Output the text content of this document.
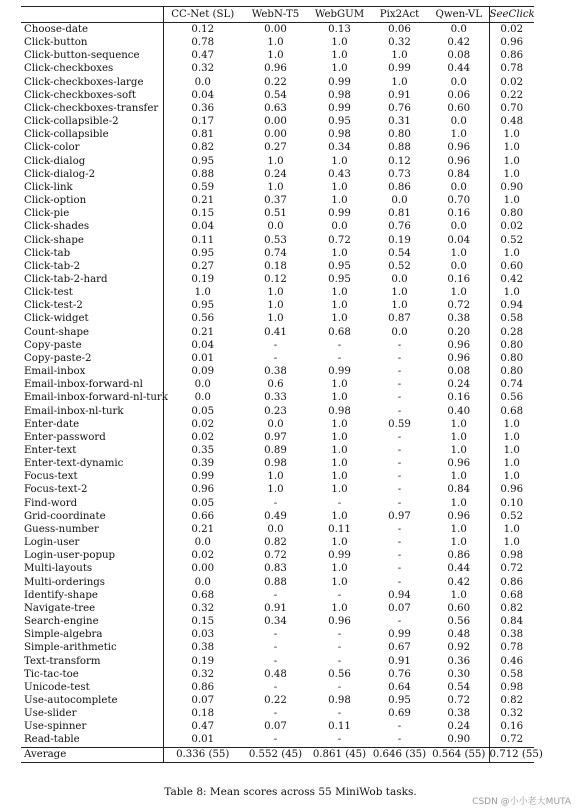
	CC-Net (SL)	WebN-T5	WebGUM	Pix2Act	Qwen-VL	SeeClick
Choose-date	0.12	0.00	0.13	0.06	0.0	0.02
Click-button	0.78	1.0	1.0	0.32	0.42	0.96
Click-button-sequence	0.47	1.0	1.0	1.0	0.08	0.86
Click-checkboxes	0.32	0.96	1.0	0.99	0.44	0.78
Click-checkboxes-large	0.0	0.22	0.99	1.0	0.0	0.02
Click-checkboxes-soft	0.04	0.54	0.98	0.91	0.06	0.22
Click-checkboxes-transfer	0.36	0.63	0.99	0.76	0.60	0.70
Click-collapsible-2	0.17	0.00	0.95	0.31	0.0	0.48
Click-collapsible	0.81	0.00	0.98	0.80	1.0	1.0
Click-color	0.82	0.27	0.34	0.88	0.96	1.0
Click-dialog	0.95	1.0	1.0	0.12	0.96	1.0
Click-dialog-2	0.88	0.24	0.43	0.73	0.84	1.0
Click-link	0.59	1.0	1.0	0.86	0.0	0.90
Click-option	0.21	0.37	1.0	0.0	0.70	1.0
Click-pie	0.15	0.51	0.99	0.81	0.16	0.80
Click-shades	0.04	0.0	0.0	0.76	0.0	0.02
Click-shape	0.11	0.53	0.72	0.19	0.04	0.52
Click-tab	0.95	0.74	1.0	0.54	1.0	1.0
Click-tab-2	0.27	0.18	0.95	0.52	0.0	0.60
Click-tab-2-hard	0.19	0.12	0.95	0.0	0.16	0.42
Click-test	1.0	1.0	1.0	1.0	1.0	1.0
Click-test-2	0.95	1.0	1.0	1.0	0.72	0.94
Click-widget	0.56	1.0	1.0	0.87	0.38	0.58
Count-shape	0.21	0.41	0.68	0.0	0.20	0.28
Copy-paste	0.04	-	-	-	0.96	0.80
Copy-paste-2	0.01	-	-	-	0.96	0.80
Email-inbox	0.09	0.38	0.99	-	0.08	0.80
Email-inbox-forward-nl	0.0	0.6	1.0	-	0.24	0.74
Email-inbox-forward-nl-turk	0.0	0.33	1.0	-	0.16	0.56
Email-inbox-nl-turk	0.05	0.23	0.98	-	0.40	0.68
Enter-date	0.02	0.0	1.0	0.59	1.0	1.0
Enter-password	0.02	0.97	1.0	-	1.0	1.0
Enter-text	0.35	0.89	1.0	-	1.0	1.0
Enter-text-dynamic	0.39	0.98	1.0	-	0.96	1.0
Focus-text	0.99	1.0	1.0	-	1.0	1.0
Focus-text-2	0.96	1.0	1.0	-	0.84	0.96
Find-word	0.05	-	-	-	1.0	0.10
Grid-coordinate	0.66	0.49	1.0	0.97	0.96	0.52
Guess-number	0.21	0.0	0.11	-	1.0	1.0
Login-user	0.0	0.82	1.0	-	1.0	1.0
Login-user-popup	0.02	0.72	0.99	-	0.86	0.98
Multi-layouts	0.00	0.83	1.0	-	0.44	0.72
Multi-orderings	0.0	0.88	1.0	-	0.42	0.86
Identify-shape	0.68	-	-	0.94	1.0	0.68
Navigate-tree	0.32	0.91	1.0	0.07	0.60	0.82
Search-engine	0.15	0.34	0.96	-	0.56	0.84
Simple-algebra	0.03	-	-	0.99	0.48	0.38
Simple-arithmetic	0.38	-	-	0.67	0.92	0.78
Text-transform	0.19	-	-	0.91	0.36	0.46
Tic-tac-toe	0.32	0.48	0.56	0.76	0.30	0.58
Unicode-test	0.86	-	-	0.64	0.54	0.98
Use-autocomplete	0.07	0.22	0.98	0.95	0.72	0.82
Use-slider	0.18	-	-	0.69	0.38	0.32
Use-spinner	0.47	0.07	0.11	-	0.24	0.16
Read-table	0.01	-	-	-	0.90	0.72
Average	0.336 (55)	0.552 (45)	0.861 (45)	0.646 (35)	0.564 (55)	0.712 (55)
Table 8: Mean scores across 55 MiniWob tasks.
CSDN @小小老大MUTA
